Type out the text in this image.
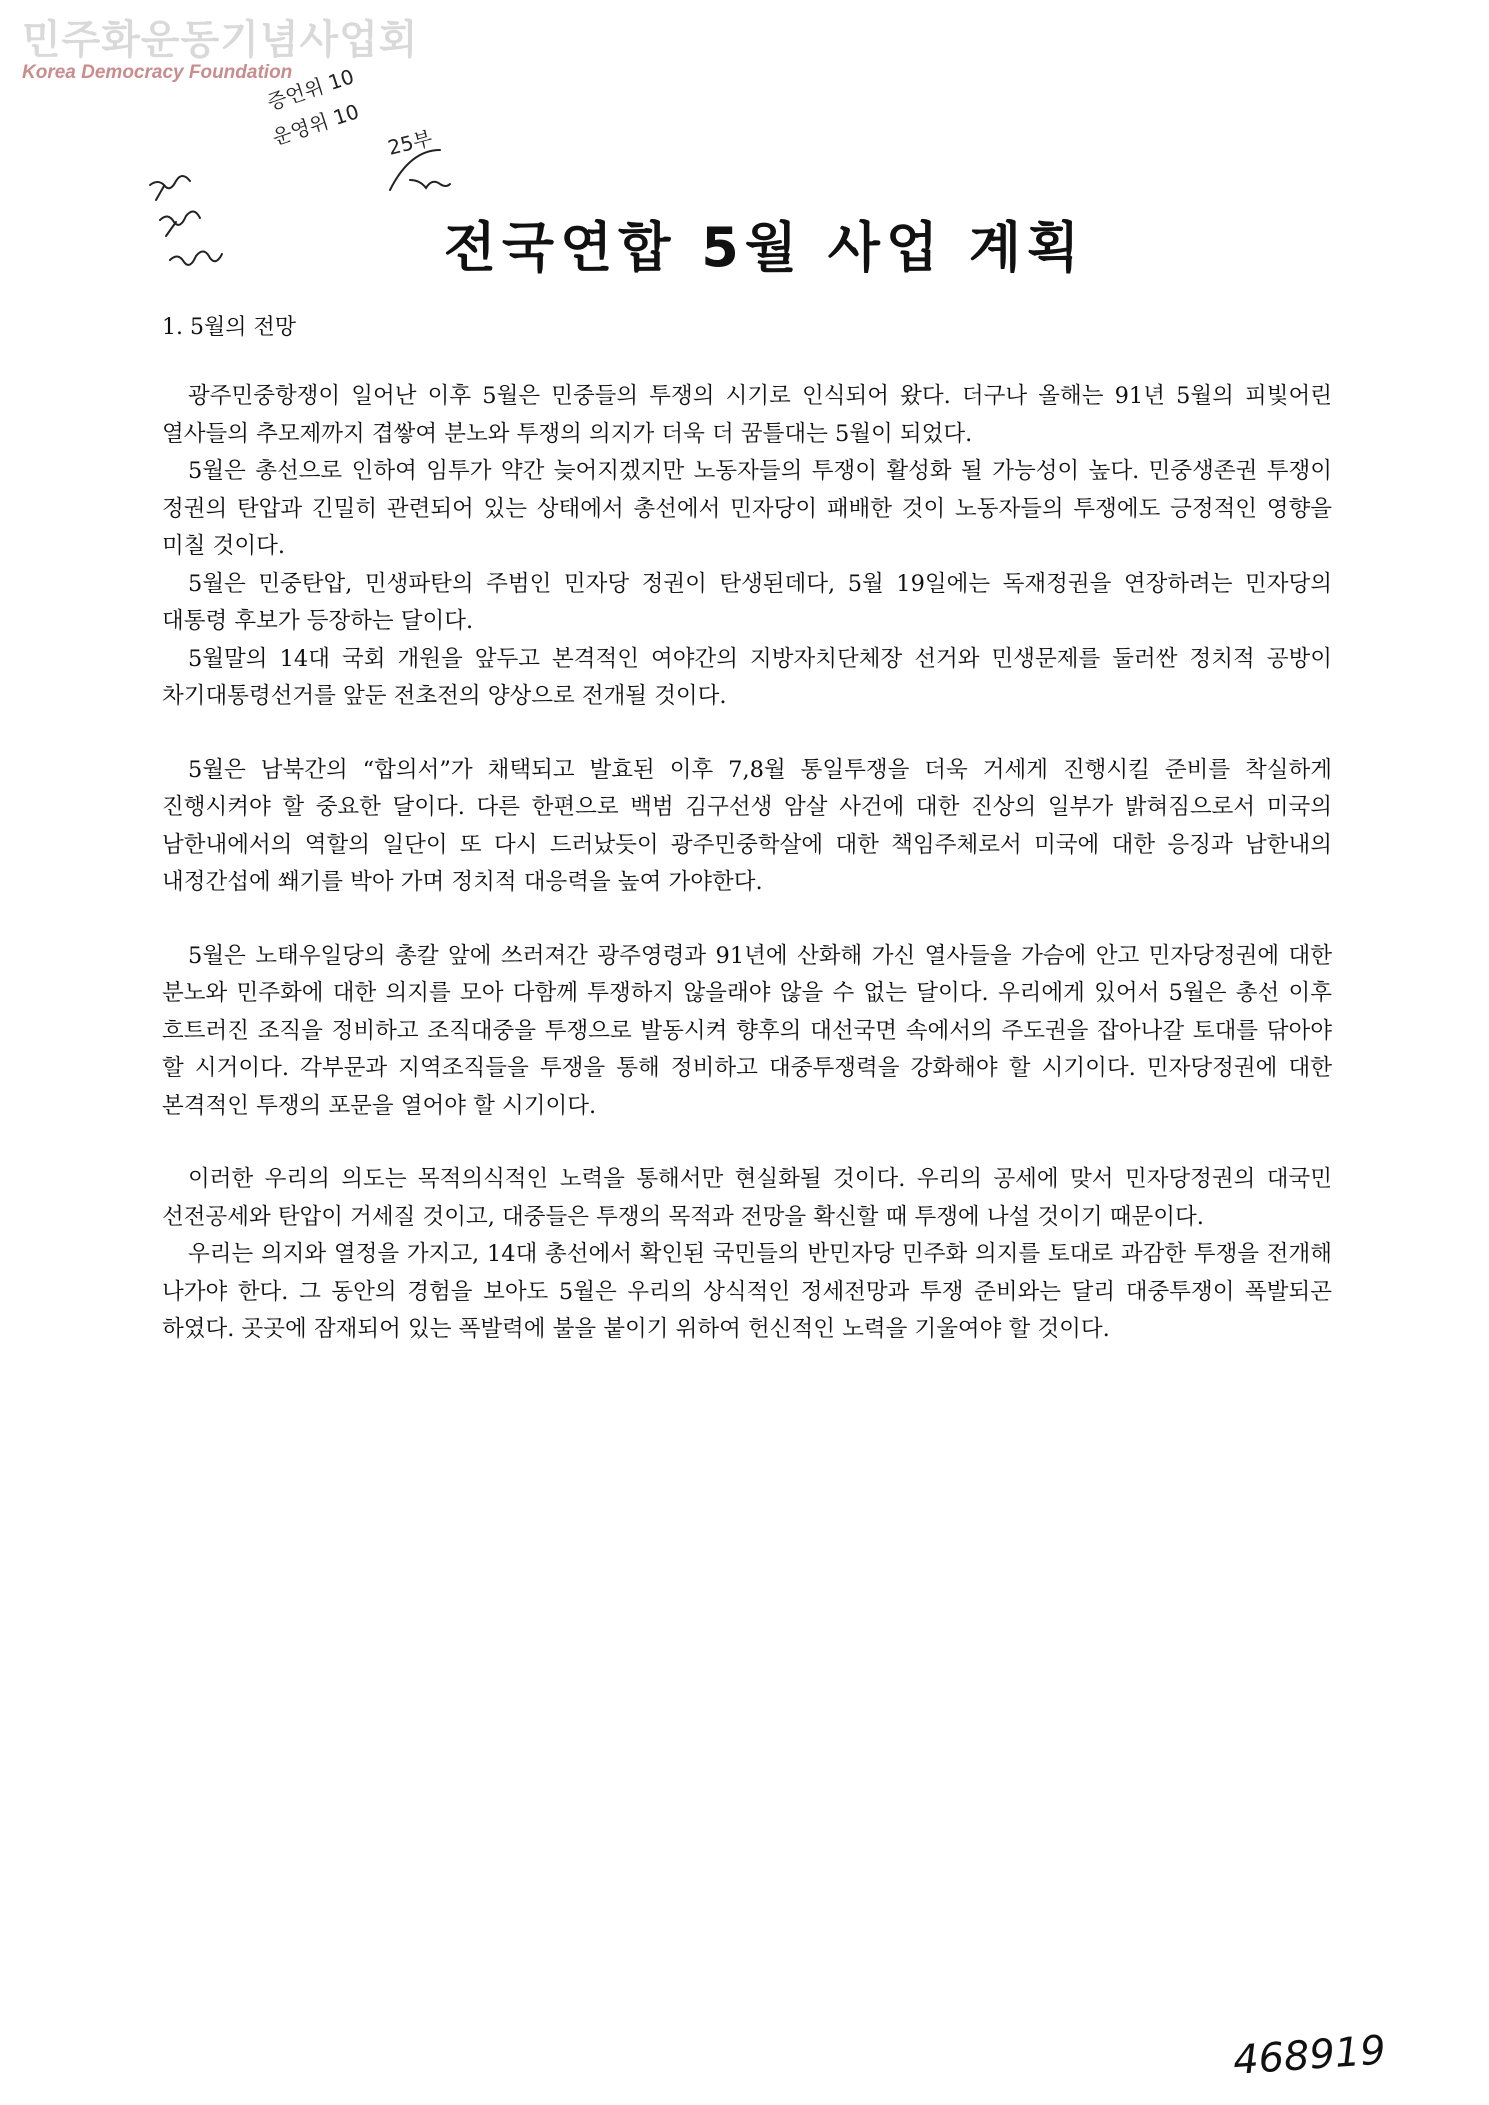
민주화운동기념사업회
Korea Democracy Foundation
증언위 10
운영위 10 25부
전국연합 5월 사업 계획
1. 5월의 전망

광주민중항쟁이 일어난 이후 5월은 민중들의 투쟁의 시기로 인식되어 왔다. 더구나 올해는 91년 5월의 피빛어린 열사들의 추모제까지 겹쌓여 분노와 투쟁의 의지가 더욱 더 꿈틀대는 5월이 되었다.

5월은 총선으로 인하여 임투가 약간 늦어지겠지만 노동자들의 투쟁이 활성화 될 가능성이 높다. 민중생존권 투쟁이 정권의 탄압과 긴밀히 관련되어 있는 상태에서 총선에서 민자당이 패배한 것이 노동자들의 투쟁에도 긍정적인 영향을 미칠 것이다.

5월은 민중탄압, 민생파탄의 주범인 민자당 정권이 탄생된데다, 5월 19일에는 독재정권을 연장하려는 민자당의 대통령 후보가 등장하는 달이다.

5월말의 14대 국회 개원을 앞두고 본격적인 여야간의 지방자치단체장 선거와 민생문제를 둘러싼 정치적 공방이 차기대통령선거를 앞둔 전초전의 양상으로 전개될 것이다.

5월은 남북간의 “합의서”가 채택되고 발효된 이후 7,8월 통일투쟁을 더욱 거세게 진행시킬 준비를 착실하게 진행시켜야 할 중요한 달이다. 다른 한편으로 백범 김구선생 암살 사건에 대한 진상의 일부가 밝혀짐으로서 미국의 남한내에서의 역할의 일단이 또 다시 드러났듯이 광주민중학살에 대한 책임주체로서 미국에 대한 응징과 남한내의 내정간섭에 쐐기를 박아 가며 정치적 대응력을 높여 가야한다.

5월은 노태우일당의 총칼 앞에 쓰러져간 광주영령과 91년에 산화해 가신 열사들을 가슴에 안고 민자당정권에 대한 분노와 민주화에 대한 의지를 모아 다함께 투쟁하지 않을래야 않을 수 없는 달이다. 우리에게 있어서 5월은 총선 이후 흐트러진 조직을 정비하고 조직대중을 투쟁으로 발동시켜 향후의 대선국면 속에서의 주도권을 잡아나갈 토대를 닦아야 할 시거이다. 각부문과 지역조직들을 투쟁을 통해 정비하고 대중투쟁력을 강화해야 할 시기이다. 민자당정권에 대한 본격적인 투쟁의 포문을 열어야 할 시기이다.

이러한 우리의 의도는 목적의식적인 노력을 통해서만 현실화될 것이다. 우리의 공세에 맞서 민자당정권의 대국민 선전공세와 탄압이 거세질 것이고, 대중들은 투쟁의 목적과 전망을 확신할 때 투쟁에 나설 것이기 때문이다.

우리는 의지와 열정을 가지고, 14대 총선에서 확인된 국민들의 반민자당 민주화 의지를 토대로 과감한 투쟁을 전개해 나가야 한다. 그 동안의 경험을 보아도 5월은 우리의 상식적인 정세전망과 투쟁 준비와는 달리 대중투쟁이 폭발되곤 하였다. 곳곳에 잠재되어 있는 폭발력에 불을 붙이기 위하여 헌신적인 노력을 기울여야 할 것이다.

468919
